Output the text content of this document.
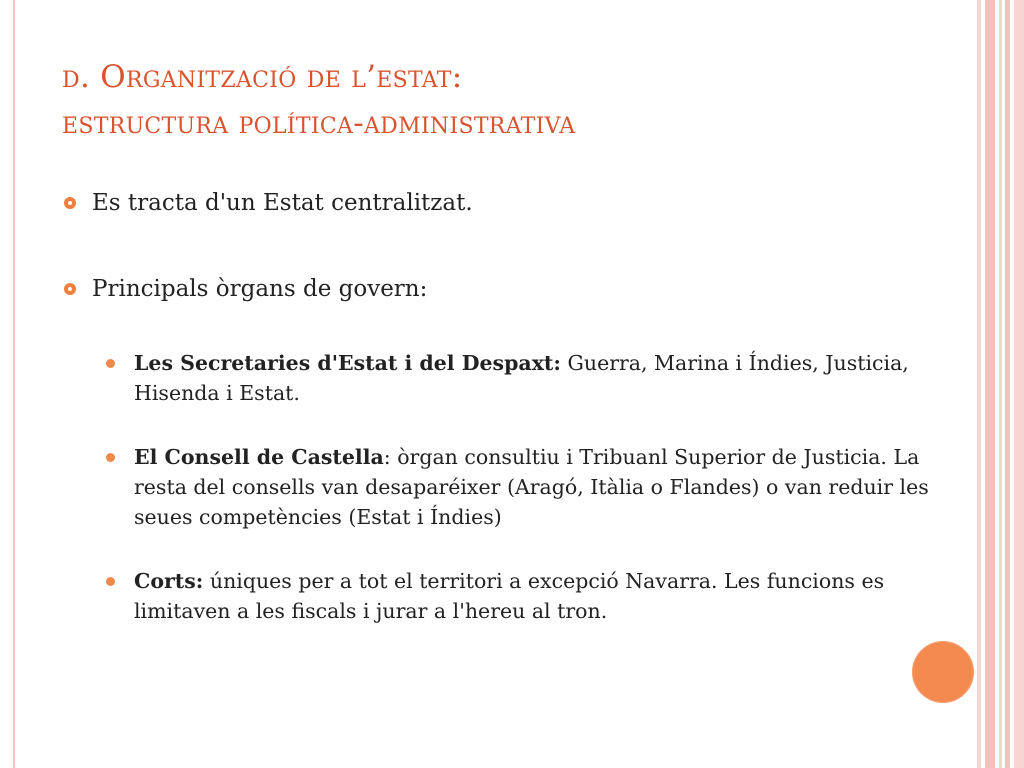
d. Organització de l’estat:
estructura política-administrativa
Es tracta d'un Estat centralitzat.
Principals òrgans de govern:
Les Secretaries d'Estat i del Despaxt: Guerra, Marina i Índies, Justicia, Hisenda i Estat.
El Consell de Castella: òrgan consultiu i Tribuanl Superior de Justicia. La resta del consells van desaparéixer (Aragó, Itàlia o Flandes) o van reduir les seues competències (Estat i Índies)
Corts: úniques per a tot el territori a excepció Navarra. Les funcions es limitaven a les fiscals i jurar a l'hereu al tron.
